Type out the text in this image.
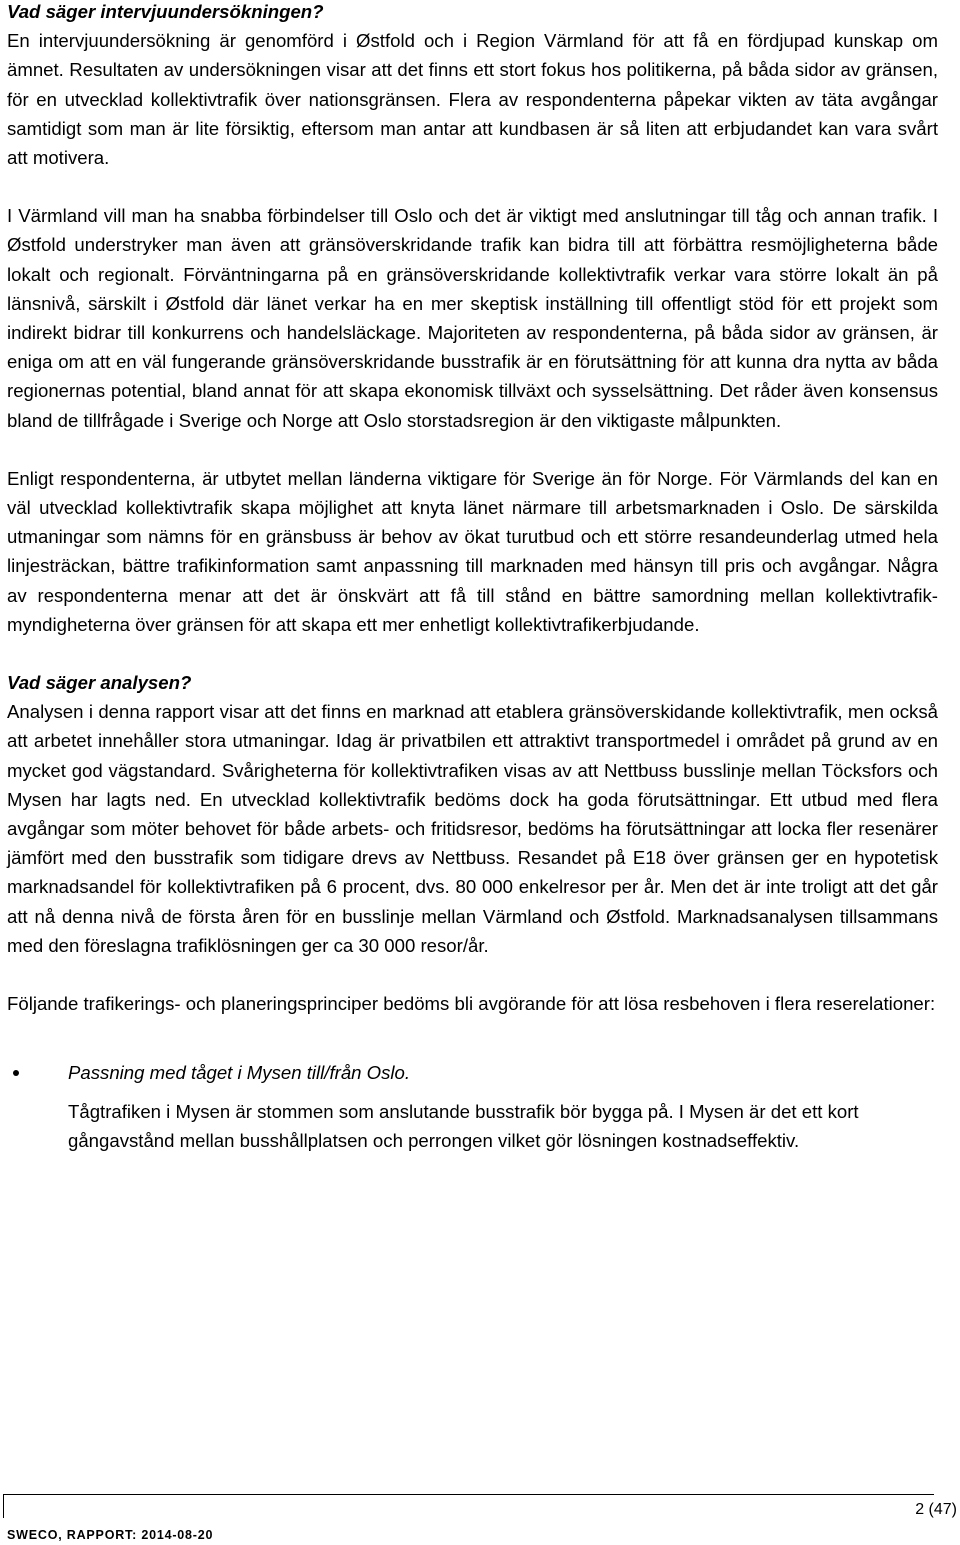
Vad säger intervjuundersökningen?

En intervjuundersökning är genomförd i Østfold och i Region Värmland för att få en fördjupad kunskap om ämnet. Resultaten av undersökningen visar att det finns ett stort fokus hos politikerna, på båda sidor av gränsen, för en utvecklad kollektivtrafik över nationsgränsen. Flera av respondenterna påpekar vikten av täta avgångar samtidigt som man är lite försiktig, eftersom man antar att kundbasen är så liten att erbjudandet kan vara svårt att motivera.

I Värmland vill man ha snabba förbindelser till Oslo och det är viktigt med anslutningar till tåg och annan trafik. I Østfold understryker man även att gränsöverskridande trafik kan bidra till att förbättra resmöjligheterna både lokalt och regionalt. Förväntningarna på en gränsöverskridande kollektivtrafik verkar vara större lokalt än på länsnivå, särskilt i Østfold där länet verkar ha en mer skeptisk inställning till offentligt stöd för ett projekt som indirekt bidrar till konkurrens och handelsläckage. Majoriteten av respondenterna, på båda sidor av gränsen, är eniga om att en väl fungerande gränsöverskridande busstrafik är en förutsättning för att kunna dra nytta av båda regionernas potential, bland annat för att skapa ekonomisk tillväxt och sysselsättning. Det råder även konsensus bland de tillfrågade i Sverige och Norge att Oslo storstadsregion är den viktigaste målpunkten.

Enligt respondenterna, är utbytet mellan länderna viktigare för Sverige än för Norge. För Värmlands del kan en väl utvecklad kollektivtrafik skapa möjlighet att knyta länet närmare till arbetsmarknaden i Oslo. De särskilda utmaningar som nämns för en gränsbuss är behov av ökat turutbud och ett större resandeunderlag utmed hela linjesträckan, bättre trafikinformation samt anpassning till marknaden med hänsyn till pris och avgångar. Några av respondenterna menar att det är önskvärt att få till stånd en bättre samordning mellan kollektivtrafik-myndigheterna över gränsen för att skapa ett mer enhetligt kollektivtrafikerbjudande.

Vad säger analysen?

Analysen i denna rapport visar att det finns en marknad att etablera gränsöverskidande kollektivtrafik, men också att arbetet innehåller stora utmaningar. Idag är privatbilen ett attraktivt transportmedel i området på grund av en mycket god vägstandard. Svårigheterna för kollektivtrafiken visas av att Nettbuss busslinje mellan Töcksfors och Mysen har lagts ned. En utvecklad kollektivtrafik bedöms dock ha goda förutsättningar. Ett utbud med flera avgångar som möter behovet för både arbets- och fritidsresor, bedöms ha förutsättningar att locka fler resenärer jämfört med den busstrafik som tidigare drevs av Nettbuss. Resandet på E18 över gränsen ger en hypotetisk marknadsandel för kollektivtrafiken på 6 procent, dvs. 80 000 enkelresor per år. Men det är inte troligt att det går att nå denna nivå de första åren för en busslinje mellan Värmland och Østfold. Marknadsanalysen tillsammans med den föreslagna trafiklösningen ger ca 30 000 resor/år.

Följande trafikerings- och planeringsprinciper bedöms bli avgörande för att lösa resbehoven i flera reserelationer:

Passning med tåget i Mysen till/från Oslo.
Tågtrafiken i Mysen är stommen som anslutande busstrafik bör bygga på. I Mysen är det ett kort gångavstånd mellan busshållplatsen och perrongen vilket gör lösningen kostnadseffektiv.
2 (47)
SWECO, RAPPORT: 2014-08-20
